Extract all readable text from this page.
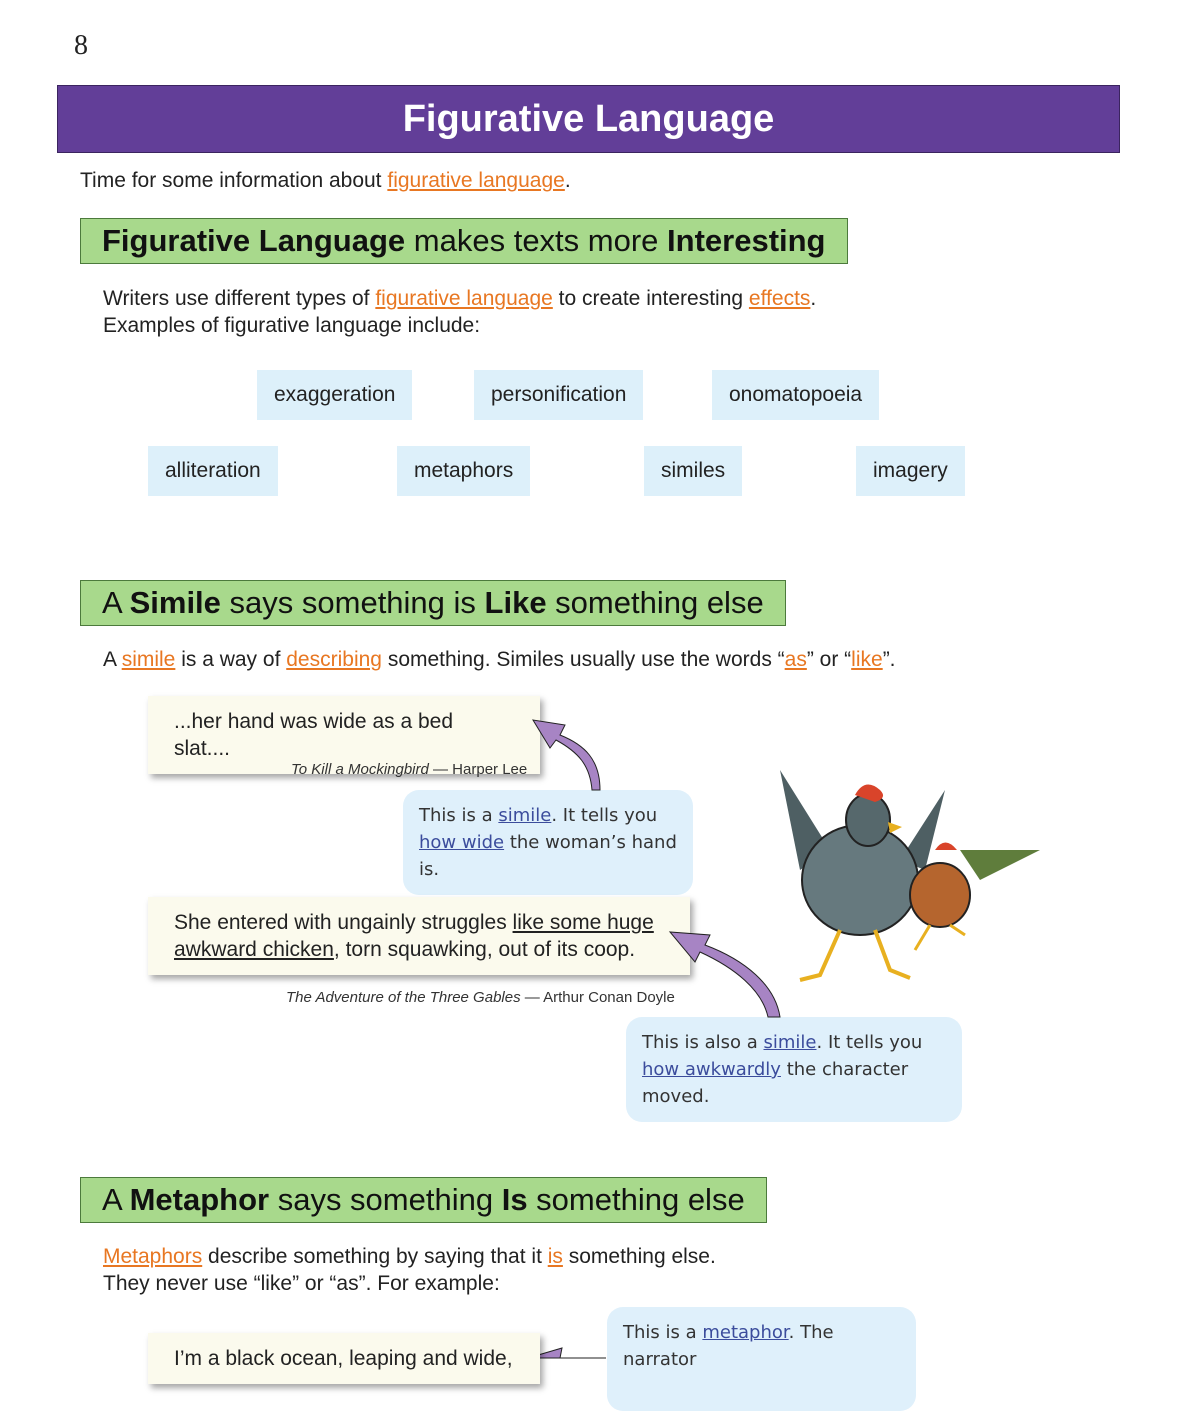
8
Figurative Language
Time for some information about figurative language.
Figurative Language makes texts more Interesting
Writers use different types of figurative language to create interesting effects.
Examples of figurative language include:
exaggeration	personification	onomatopoeia
alliteration	metaphors	similes	imagery
A Simile says something is Like something else
A simile is a way of describing something. Similes usually use the words “as” or “like”.
...her hand was wide as a bed slat....
To Kill a Mockingbird — Harper Lee
This is a simile. It tells you
how wide the woman’s hand is.
She entered with ungainly struggles like some huge
awkward chicken, torn squawking, out of its coop.
The Adventure of the Three Gables — Arthur Conan Doyle
This is also a simile. It tells you
how awkwardly the character moved.
A Metaphor says something Is something else
Metaphors describe something by saying that it is something else.
They never use “like” or “as”. For example:
I’m a black ocean, leaping and wide,
This is a metaphor. The narrator
